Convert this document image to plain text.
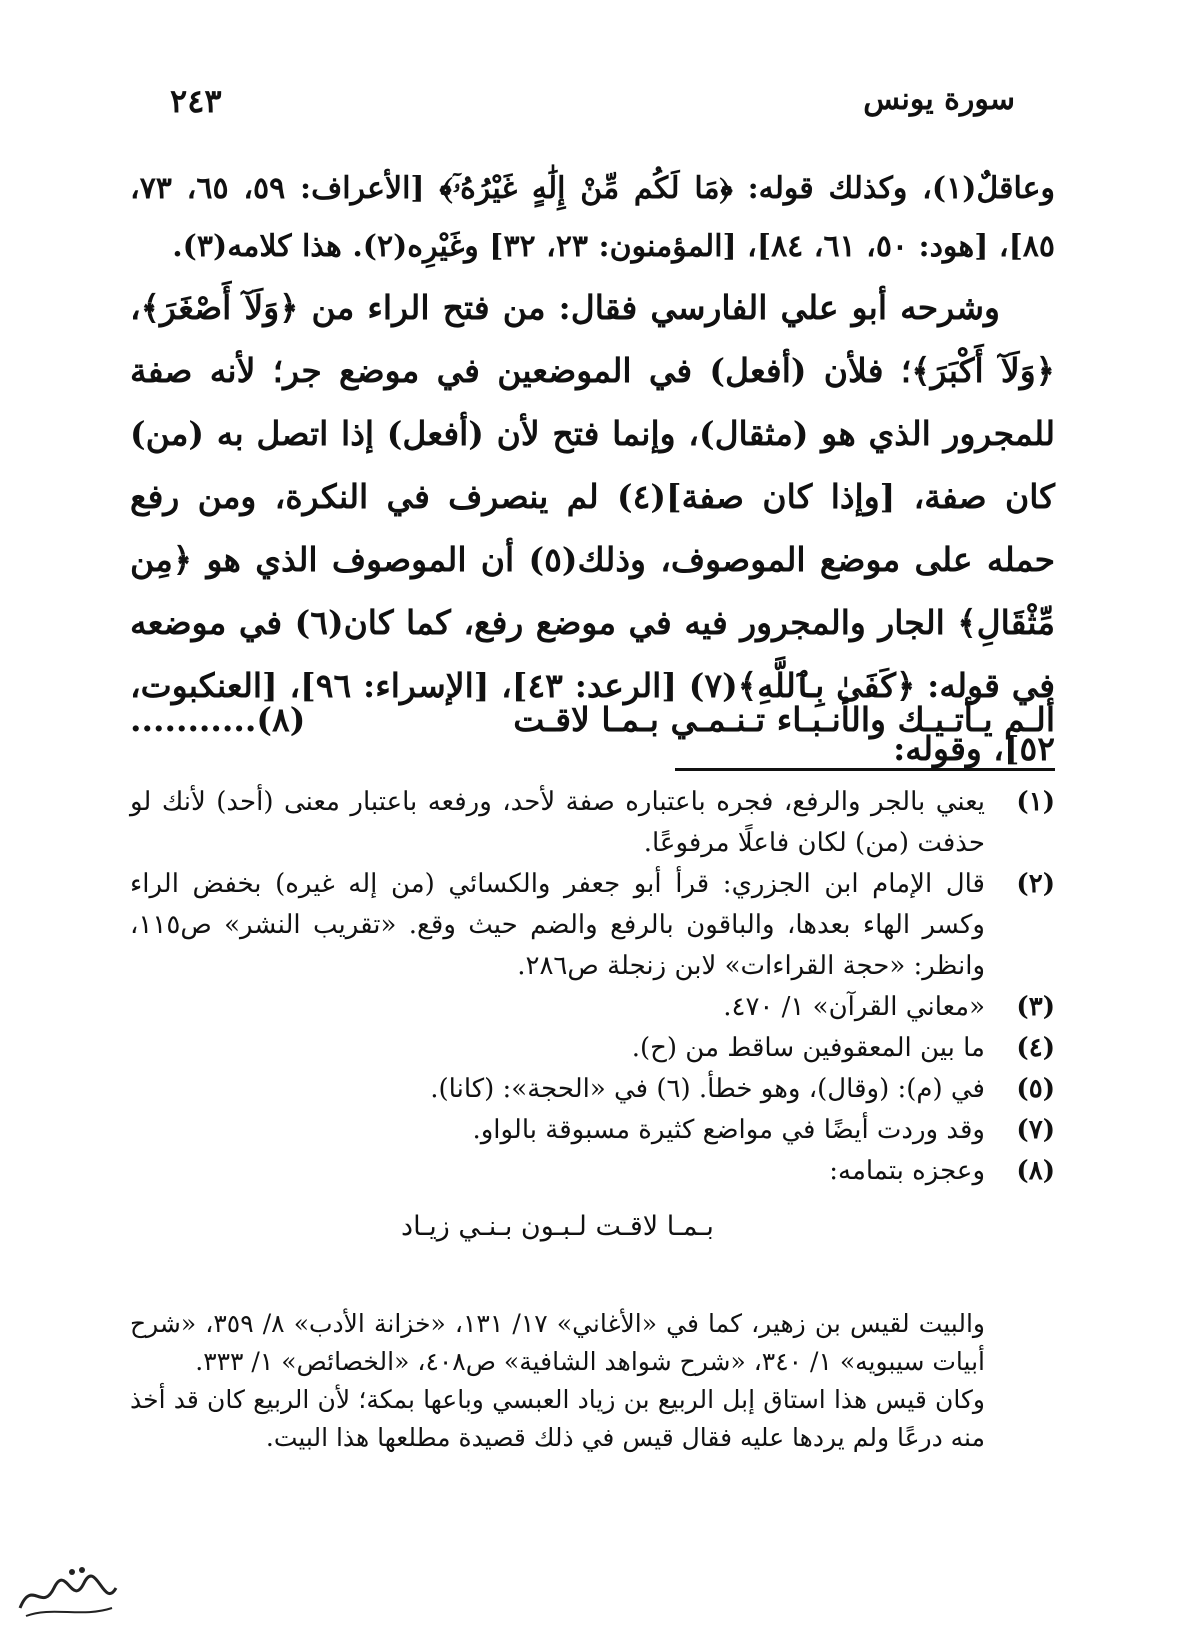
سورة يونس
٢٤٣

وعاقلٌ(١)، وكذلك قوله: ﴿مَا لَكُم مِّنْ إِلَٰهٍ غَيْرُهُۥٓ﴾ [الأعراف: ٥٩، ٦٥، ٧٣، ٨٥]، [هود: ٥٠، ٦١، ٨٤]، [المؤمنون: ٢٣، ٣٢] وغَيْرِه(٢). هذا كلامه(٣).

وشرحه أبو علي الفارسي فقال: من فتح الراء من ﴿وَلَآ أَصْغَرَ﴾، ﴿وَلَآ أَكْبَرَ﴾؛ فلأن (أفعل) في الموضعين في موضع جر؛ لأنه صفة للمجرور الذي هو (مثقال)، وإنما فتح لأن (أفعل) إذا اتصل به (من) كان صفة، [وإذا كان صفة](٤) لم ينصرف في النكرة، ومن رفع حمله على موضع الموصوف، وذلك(٥) أن الموصوف الذي هو ﴿مِن مِّثْقَالِ﴾ الجار والمجرور فيه في موضع رفع، كما كان(٦) في موضعه في قوله: ﴿كَفَىٰ بِٱللَّهِ﴾(٧) [الرعد: ٤٣]، [الإسراء: ٩٦]، [العنكبوت، ٥٢]، وقوله:

ألـم يـأتـيـك والأنـبـاء تـنـمـي بـمـا لاقـت
(٨)...........
(١)
يعني بالجر والرفع، فجره باعتباره صفة لأحد، ورفعه باعتبار معنى (أحد) لأنك لو حذفت (من) لكان فاعلًا مرفوعًا.
(٢)
قال الإمام ابن الجزري: قرأ أبو جعفر والكسائي (من إله غيره) بخفض الراء وكسر الهاء بعدها، والباقون بالرفع والضم حيث وقع. «تقريب النشر» ص١١٥، وانظر: «حجة القراءات» لابن زنجلة ص٢٨٦.
(٣)
«معاني القرآن» ١/ ٤٧٠.
(٤)
ما بين المعقوفين ساقط من (ح).
(٥)
في (م): (وقال)، وهو خطأ. (٦) في «الحجة»: (كانا).
(٧)
وقد وردت أيضًا في مواضع كثيرة مسبوقة بالواو.
(٨)
وعجزه بتمامه:
بـمـا لاقـت لـبـون بـنـي زيـاد

والبيت لقيس بن زهير، كما في «الأغاني» ١٧/ ١٣١، «خزانة الأدب» ٨/ ٣٥٩، «شرح أبيات سيبويه» ١/ ٣٤٠، «شرح شواهد الشافية» ص٤٠٨، «الخصائص» ١/ ٣٣٣.

وكان قيس هذا استاق إبل الربيع بن زياد العبسي وباعها بمكة؛ لأن الربيع كان قد أخذ منه درعًا ولم يردها عليه فقال قيس في ذلك قصيدة مطلعها هذا البيت.
